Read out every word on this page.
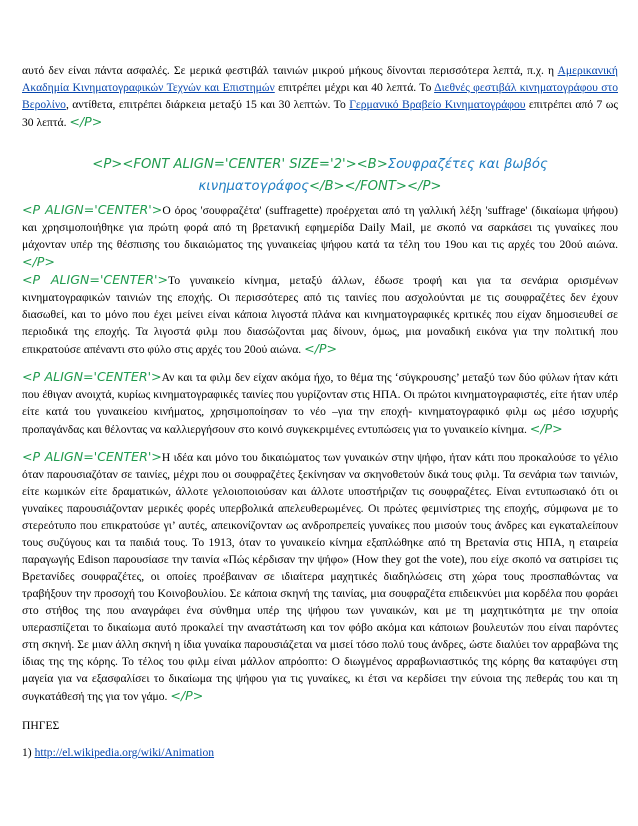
αυτό δεν είναι πάντα ασφαλές. Σε μερικά φεστιβάλ ταινιών μικρού μήκους δίνονται περισσότερα λεπτά, π.χ. η Αμερικανική Ακαδημία Κινηματογραφικών Τεχνών και Επιστημών επιτρέπει μέχρι και 40 λεπτά. Το Διεθνές φεστιβάλ κινηματογράφου στο Βερολίνο, αντίθετα, επιτρέπει διάρκεια μεταξύ 15 και 30 λεπτών. Το Γερμανικό Βραβείο Κινηματογράφου επιτρέπει από 7 ως 30 λεπτά. </P>

<P><FONT ALIGN='CENTER' SIZE='2'><B>Σουφραζέτες και βωβός κινηματογράφος</B></FONT></P>

<P ALIGN='CENTER'>Ο όρος 'σουφραζέτα' (suffragette) προέρχεται από τη γαλλική λέξη 'suffrage' (δικαίωμα ψήφου) και χρησιμοποιήθηκε για πρώτη φορά από τη βρετανική εφημερίδα Daily Mail, με σκοπό να σαρκάσει τις γυναίκες που μάχονταν υπέρ της θέσπισης του δικαιώματος της γυναικείας ψήφου κατά τα τέλη του 19ου και τις αρχές του 20ού αιώνα. </P>

<P ALIGN='CENTER'>Το γυναικείο κίνημα, μεταξύ άλλων, έδωσε τροφή και για τα σενάρια ορισμένων κινηματογραφικών ταινιών της εποχής. Οι περισσότερες από τις ταινίες που ασχολούνται με τις σουφραζέτες δεν έχουν διασωθεί, και το μόνο που έχει μείνει είναι κάποια λιγοστά πλάνα και κινηματογραφικές κριτικές που είχαν δημοσιευθεί σε περιοδικά της εποχής. Τα λιγοστά φιλμ που διασώζονται μας δίνουν, όμως, μια μοναδική εικόνα για την πολιτική που επικρατούσε απέναντι στο φύλο στις αρχές του 20ού αιώνα. </P>

<P ALIGN='CENTER'>Αν και τα φιλμ δεν είχαν ακόμα ήχο, το θέμα της ‘σύγκρουσης’ μεταξύ των δύο φύλων ήταν κάτι που έθιγαν ανοιχτά, κυρίως κινηματογραφικές ταινίες που γυρίζονταν στις ΗΠΑ. Οι πρώτοι κινηματογραφιστές, είτε ήταν υπέρ είτε κατά του γυναικείου κινήματος, χρησιμοποίησαν το νέο –για την εποχή- κινηματογραφικό φιλμ ως μέσο ισχυρής προπαγάνδας και θέλοντας να καλλιεργήσουν στο κοινό συγκεκριμένες εντυπώσεις για το γυναικείο κίνημα. </P>

<P ALIGN='CENTER'>Η ιδέα και μόνο του δικαιώματος των γυναικών στην ψήφο, ήταν κάτι που προκαλούσε το γέλιο όταν παρουσιαζόταν σε ταινίες, μέχρι που οι σουφραζέτες ξεκίνησαν να σκηνοθετούν δικά τους φιλμ. Τα σενάρια των ταινιών, είτε κωμικών είτε δραματικών, άλλοτε γελοιοποιούσαν και άλλοτε υποστήριζαν τις σουφραζέτες. Είναι εντυπωσιακό ότι οι γυναίκες παρουσιάζονταν μερικές φορές υπερβολικά απελευθερωμένες. Οι πρώτες φεμινίστριες της εποχής, σύμφωνα με το στερεότυπο που επικρατούσε γι’ αυτές, απεικονίζονταν ως ανδροπρεπείς γυναίκες που μισούν τους άνδρες και εγκαταλείπουν τους συζύγους και τα παιδιά τους. Το 1913, όταν το γυναικείο κίνημα εξαπλώθηκε από τη Βρετανία στις ΗΠΑ, η εταιρεία παραγωγής Edison παρουσίασε την ταινία «Πώς κέρδισαν την ψήφο» (How they got the vote), που είχε σκοπό να σατιρίσει τις Βρετανίδες σουφραζέτες, οι οποίες προέβαιναν σε ιδιαίτερα μαχητικές διαδηλώσεις στη χώρα τους προσπαθώντας να τραβήξουν την προσοχή του Κοινοβουλίου. Σε κάποια σκηνή της ταινίας, μια σουφραζέτα επιδεικνύει μια κορδέλα που φοράει στο στήθος της που αναγράφει ένα σύνθημα υπέρ της ψήφου των γυναικών, και με τη μαχητικότητα με την οποία υπερασπίζεται το δικαίωμα αυτό προκαλεί την αναστάτωση και τον φόβο ακόμα και κάποιων βουλευτών που είναι παρόντες στη σκηνή. Σε μιαν άλλη σκηνή η ίδια γυναίκα παρουσιάζεται να μισεί τόσο πολύ τους άνδρες, ώστε διαλύει τον αρραβώνα της ίδιας της της κόρης. Το τέλος του φιλμ είναι μάλλον απρόοπτο: Ο διωγμένος αρραβωνιαστικός της κόρης θα καταφύγει στη μαγεία για να εξασφαλίσει το δικαίωμα της ψήφου για τις γυναίκες, κι έτσι να κερδίσει την εύνοια της πεθεράς του και τη συγκατάθεσή της για τον γάμο. </P>

ΠΗΓΕΣ

1) http://el.wikipedia.org/wiki/Animation
